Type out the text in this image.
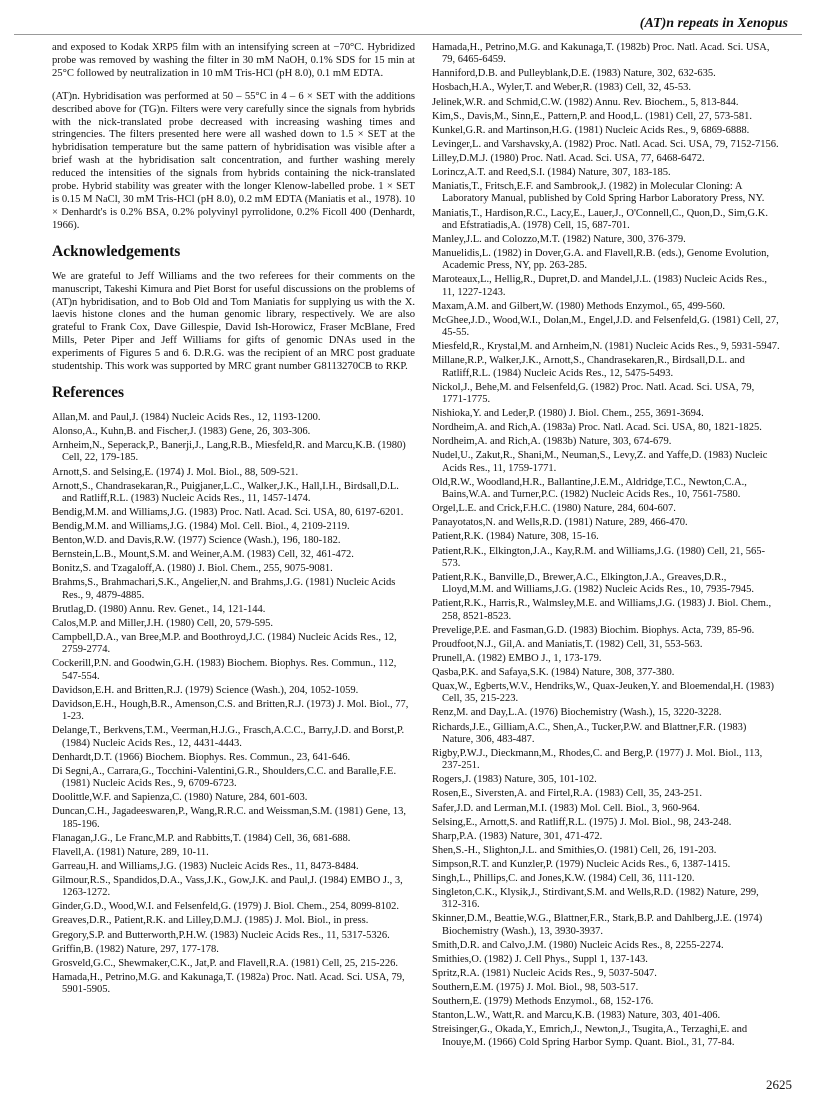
(AT)n repeats in Xenopus

and exposed to Kodak XRP5 film with an intensifying screen at −70°C. Hybridized probe was removed by washing the filter in 30 mM NaOH, 0.1% SDS for 15 min at 25°C followed by neutralization in 10 mM Tris-HCl (pH 8.0), 0.1 mM EDTA.

(AT)n. Hybridisation was performed at 50 – 55°C in 4 – 6 × SET with the additions described above for (TG)n. Filters were very carefully since the signals from hybrids with the nick-translated probe decreased with increasing washing times and stringencies. The filters presented here were all washed down to 1.5 × SET at the hybridisation temperature but the same pattern of hybridisation was visible after a brief wash at the hybridisation salt concentration, and further washing merely reduced the intensities of the signals from hybrids containing the nick-translated probe. Hybrid stability was greater with the longer Klenow-labelled probe. 1 × SET is 0.15 M NaCl, 30 mM Tris-HCl (pH 8.0), 0.2 mM EDTA (Maniatis et al., 1978). 10 × Denhardt's is 0.2% BSA, 0.2% polyvinyl pyrrolidone, 0.2% Ficoll 400 (Denhardt, 1966).

Acknowledgements

We are grateful to Jeff Williams and the two referees for their comments on the manuscript, Takeshi Kimura and Piet Borst for useful discussions on the problems of (AT)n hybridisation, and to Bob Old and Tom Maniatis for supplying us with the X. laevis histone clones and the human genomic library, respectively. We are also grateful to Frank Cox, Dave Gillespie, David Ish-Horowicz, Fraser McBlane, Fred Mills, Peter Piper and Jeff Williams for gifts of genomic DNAs used in the experiments of Figures 5 and 6. D.R.G. was the recipient of an MRC post graduate studentship. This work was supported by MRC grant number G8113270CB to RKP.

References
Allan,M. and Paul,J. (1984) Nucleic Acids Res., 12, 1193-1200.
Alonso,A., Kuhn,B. and Fischer,J. (1983) Gene, 26, 303-306.
Arnheim,N., Seperack,P., Banerji,J., Lang,R.B., Miesfeld,R. and Marcu,K.B. (1980) Cell, 22, 179-185.
Arnott,S. and Selsing,E. (1974) J. Mol. Biol., 88, 509-521.
Arnott,S., Chandrasekaran,R., Puigjaner,L.C., Walker,J.K., Hall,I.H., Birdsall,D.L. and Ratliff,R.L. (1983) Nucleic Acids Res., 11, 1457-1474.
Bendig,M.M. and Williams,J.G. (1983) Proc. Natl. Acad. Sci. USA, 80, 6197-6201.
Bendig,M.M. and Williams,J.G. (1984) Mol. Cell. Biol., 4, 2109-2119.
Benton,W.D. and Davis,R.W. (1977) Science (Wash.), 196, 180-182.
Bernstein,L.B., Mount,S.M. and Weiner,A.M. (1983) Cell, 32, 461-472.
Bonitz,S. and Tzagaloff,A. (1980) J. Biol. Chem., 255, 9075-9081.
Brahms,S., Brahmachari,S.K., Angelier,N. and Brahms,J.G. (1981) Nucleic Acids Res., 9, 4879-4885.
Brutlag,D. (1980) Annu. Rev. Genet., 14, 121-144.
Calos,M.P. and Miller,J.H. (1980) Cell, 20, 579-595.
Campbell,D.A., van Bree,M.P. and Boothroyd,J.C. (1984) Nucleic Acids Res., 12, 2759-2774.
Cockerill,P.N. and Goodwin,G.H. (1983) Biochem. Biophys. Res. Commun., 112, 547-554.
Davidson,E.H. and Britten,R.J. (1979) Science (Wash.), 204, 1052-1059.
Davidson,E.H., Hough,B.R., Amenson,C.S. and Britten,R.J. (1973) J. Mol. Biol., 77, 1-23.
Delange,T., Berkvens,T.M., Veerman,H.J.G., Frasch,A.C.C., Barry,J.D. and Borst,P. (1984) Nucleic Acids Res., 12, 4431-4443.
Denhardt,D.T. (1966) Biochem. Biophys. Res. Commun., 23, 641-646.
Di Segni,A., Carrara,G., Tocchini-Valentini,G.R., Shoulders,C.C. and Baralle,F.E. (1981) Nucleic Acids Res., 9, 6709-6723.
Doolittle,W.F. and Sapienza,C. (1980) Nature, 284, 601-603.
Duncan,C.H., Jagadeeswaren,P., Wang,R.R.C. and Weissman,S.M. (1981) Gene, 13, 185-196.
Flanagan,J.G., Le Franc,M.P. and Rabbitts,T. (1984) Cell, 36, 681-688.
Flavell,A. (1981) Nature, 289, 10-11.
Garreau,H. and Williams,J.G. (1983) Nucleic Acids Res., 11, 8473-8484.
Gilmour,R.S., Spandidos,D.A., Vass,J.K., Gow,J.K. and Paul,J. (1984) EMBO J., 3, 1263-1272.
Ginder,G.D., Wood,W.I. and Felsenfeld,G. (1979) J. Biol. Chem., 254, 8099-8102.
Greaves,D.R., Patient,R.K. and Lilley,D.M.J. (1985) J. Mol. Biol., in press.
Gregory,S.P. and Butterworth,P.H.W. (1983) Nucleic Acids Res., 11, 5317-5326.
Griffin,B. (1982) Nature, 297, 177-178.
Grosveld,G.C., Shewmaker,C.K., Jat,P. and Flavell,R.A. (1981) Cell, 25, 215-226.
Hamada,H., Petrino,M.G. and Kakunaga,T. (1982a) Proc. Natl. Acad. Sci. USA, 79, 5901-5905.
Hamada,H., Petrino,M.G. and Kakunaga,T. (1982b) Proc. Natl. Acad. Sci. USA, 79, 6465-6459.
Hanniford,D.B. and Pulleyblank,D.E. (1983) Nature, 302, 632-635.
Hosbach,H.A., Wyler,T. and Weber,R. (1983) Cell, 32, 45-53.
Jelinek,W.R. and Schmid,C.W. (1982) Annu. Rev. Biochem., 5, 813-844.
Kim,S., Davis,M., Sinn,E., Pattern,P. and Hood,L. (1981) Cell, 27, 573-581.
Kunkel,G.R. and Martinson,H.G. (1981) Nucleic Acids Res., 9, 6869-6888.
Levinger,L. and Varshavsky,A. (1982) Proc. Natl. Acad. Sci. USA, 79, 7152-7156.
Lilley,D.M.J. (1980) Proc. Natl. Acad. Sci. USA, 77, 6468-6472.
Lorincz,A.T. and Reed,S.I. (1984) Nature, 307, 183-185.
Maniatis,T., Fritsch,E.F. and Sambrook,J. (1982) in Molecular Cloning: A Laboratory Manual, published by Cold Spring Harbor Laboratory Press, NY.
Maniatis,T., Hardison,R.C., Lacy,E., Lauer,J., O'Connell,C., Quon,D., Sim,G.K. and Efstratiadis,A. (1978) Cell, 15, 687-701.
Manley,J.L. and Colozzo,M.T. (1982) Nature, 300, 376-379.
Manuelidis,L. (1982) in Dover,G.A. and Flavell,R.B. (eds.), Genome Evolution, Academic Press, NY, pp. 263-285.
Maroteaux,L., Hellig,R., Dupret,D. and Mandel,J.L. (1983) Nucleic Acids Res., 11, 1227-1243.
Maxam,A.M. and Gilbert,W. (1980) Methods Enzymol., 65, 499-560.
McGhee,J.D., Wood,W.I., Dolan,M., Engel,J.D. and Felsenfeld,G. (1981) Cell, 27, 45-55.
Miesfeld,R., Krystal,M. and Arnheim,N. (1981) Nucleic Acids Res., 9, 5931-5947.
Millane,R.P., Walker,J.K., Arnott,S., Chandrasekaren,R., Birdsall,D.L. and Ratliff,R.L. (1984) Nucleic Acids Res., 12, 5475-5493.
Nickol,J., Behe,M. and Felsenfeld,G. (1982) Proc. Natl. Acad. Sci. USA, 79, 1771-1775.
Nishioka,Y. and Leder,P. (1980) J. Biol. Chem., 255, 3691-3694.
Nordheim,A. and Rich,A. (1983a) Proc. Natl. Acad. Sci. USA, 80, 1821-1825.
Nordheim,A. and Rich,A. (1983b) Nature, 303, 674-679.
Nudel,U., Zakut,R., Shani,M., Neuman,S., Levy,Z. and Yaffe,D. (1983) Nucleic Acids Res., 11, 1759-1771.
Old,R.W., Woodland,H.R., Ballantine,J.E.M., Aldridge,T.C., Newton,C.A., Bains,W.A. and Turner,P.C. (1982) Nucleic Acids Res., 10, 7561-7580.
Orgel,L.E. and Crick,F.H.C. (1980) Nature, 284, 604-607.
Panayotatos,N. and Wells,R.D. (1981) Nature, 289, 466-470.
Patient,R.K. (1984) Nature, 308, 15-16.
Patient,R.K., Elkington,J.A., Kay,R.M. and Williams,J.G. (1980) Cell, 21, 565-573.
Patient,R.K., Banville,D., Brewer,A.C., Elkington,J.A., Greaves,D.R., Lloyd,M.M. and Williams,J.G. (1982) Nucleic Acids Res., 10, 7935-7945.
Patient,R.K., Harris,R., Walmsley,M.E. and Williams,J.G. (1983) J. Biol. Chem., 258, 8521-8523.
Prevelige,P.E. and Fasman,G.D. (1983) Biochim. Biophys. Acta, 739, 85-96.
Proudfoot,N.J., Gil,A. and Maniatis,T. (1982) Cell, 31, 553-563.
Prunell,A. (1982) EMBO J., 1, 173-179.
Qasba,P.K. and Safaya,S.K. (1984) Nature, 308, 377-380.
Quax,W., Egberts,W.V., Hendriks,W., Quax-Jeuken,Y. and Bloemendal,H. (1983) Cell, 35, 215-223.
Renz,M. and Day,L.A. (1976) Biochemistry (Wash.), 15, 3220-3228.
Richards,J.E., Gilliam,A.C., Shen,A., Tucker,P.W. and Blattner,F.R. (1983) Nature, 306, 483-487.
Rigby,P.W.J., Dieckmann,M., Rhodes,C. and Berg,P. (1977) J. Mol. Biol., 113, 237-251.
Rogers,J. (1983) Nature, 305, 101-102.
Rosen,E., Siversten,A. and Firtel,R.A. (1983) Cell, 35, 243-251.
Safer,J.D. and Lerman,M.I. (1983) Mol. Cell. Biol., 3, 960-964.
Selsing,E., Arnott,S. and Ratliff,R.L. (1975) J. Mol. Biol., 98, 243-248.
Sharp,P.A. (1983) Nature, 301, 471-472.
Shen,S.-H., Slighton,J.L. and Smithies,O. (1981) Cell, 26, 191-203.
Simpson,R.T. and Kunzler,P. (1979) Nucleic Acids Res., 6, 1387-1415.
Singh,L., Phillips,C. and Jones,K.W. (1984) Cell, 36, 111-120.
Singleton,C.K., Klysik,J., Stirdivant,S.M. and Wells,R.D. (1982) Nature, 299, 312-316.
Skinner,D.M., Beattie,W.G., Blattner,F.R., Stark,B.P. and Dahlberg,J.E. (1974) Biochemistry (Wash.), 13, 3930-3937.
Smith,D.R. and Calvo,J.M. (1980) Nucleic Acids Res., 8, 2255-2274.
Smithies,O. (1982) J. Cell Phys., Suppl 1, 137-143.
Spritz,R.A. (1981) Nucleic Acids Res., 9, 5037-5047.
Southern,E.M. (1975) J. Mol. Biol., 98, 503-517.
Southern,E. (1979) Methods Enzymol., 68, 152-176.
Stanton,L.W., Watt,R. and Marcu,K.B. (1983) Nature, 303, 401-406.
Streisinger,G., Okada,Y., Emrich,J., Newton,J., Tsugita,A., Terzaghi,E. and Inouye,M. (1966) Cold Spring Harbor Symp. Quant. Biol., 31, 77-84.
2625
